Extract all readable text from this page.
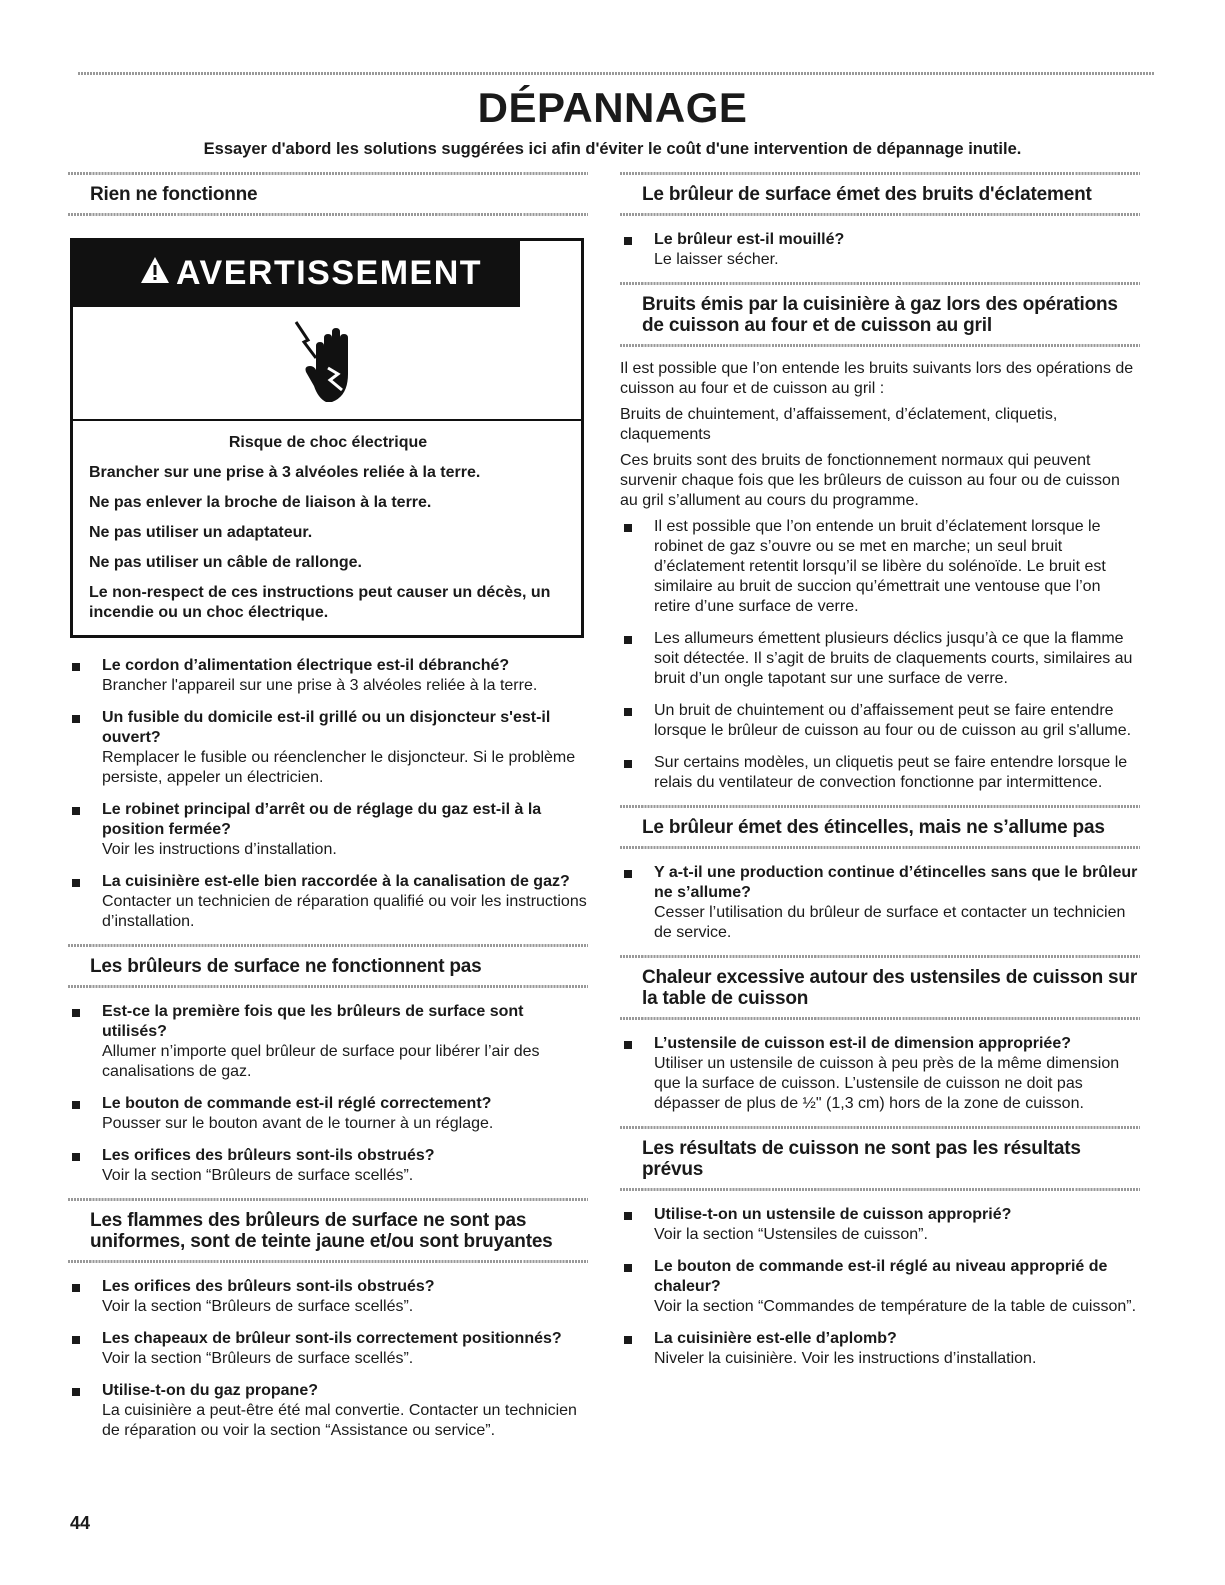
DÉPANNAGE
Essayer d'abord les solutions suggérées ici afin d'éviter le coût d'une intervention de dépannage inutile.
Rien ne fonctionne
AVERTISSEMENT
Risque de choc électrique

Brancher sur une prise à 3 alvéoles reliée à la terre.

Ne pas enlever la broche de liaison à la terre.

Ne pas utiliser un adaptateur.

Ne pas utiliser un câble de rallonge.

Le non-respect de ces instructions peut causer un décès, un incendie ou un choc électrique.

Le cordon d’alimentation électrique est-il débranché?
Brancher l'appareil sur une prise à 3 alvéoles reliée à la terre.
Un fusible du domicile est-il grillé ou un disjoncteur s'est-il ouvert?
Remplacer le fusible ou réenclencher le disjoncteur. Si le problème persiste, appeler un électricien.
Le robinet principal d’arrêt ou de réglage du gaz est-il à la position fermée?
Voir les instructions d’installation.
La cuisinière est-elle bien raccordée à la canalisation de gaz?
Contacter un technicien de réparation qualifié ou voir les instructions d’installation.
Les brûleurs de surface ne fonctionnent pas
Est-ce la première fois que les brûleurs de surface sont utilisés?
Allumer n’importe quel brûleur de surface pour libérer l’air des canalisations de gaz.
Le bouton de commande est-il réglé correctement?
Pousser sur le bouton avant de le tourner à un réglage.
Les orifices des brûleurs sont-ils obstrués?
Voir la section “Brûleurs de surface scellés”.
Les flammes des brûleurs de surface ne sont pas uniformes, sont de teinte jaune et/ou sont bruyantes
Les orifices des brûleurs sont-ils obstrués?
Voir la section “Brûleurs de surface scellés”.
Les chapeaux de brûleur sont-ils correctement positionnés?
Voir la section “Brûleurs de surface scellés”.
Utilise-t-on du gaz propane?
La cuisinière a peut-être été mal convertie. Contacter un technicien de réparation ou voir la section “Assistance ou service”.
Le brûleur de surface émet des bruits d'éclatement
Le brûleur est-il mouillé?
Le laisser sécher.
Bruits émis par la cuisinière à gaz lors des opérations de cuisson au four et de cuisson au gril

Il est possible que l’on entende les bruits suivants lors des opérations de cuisson au four et de cuisson au gril :

Bruits de chuintement, d’affaissement, d’éclatement, cliquetis, claquements

Ces bruits sont des bruits de fonctionnement normaux qui peuvent survenir chaque fois que les brûleurs de cuisson au four ou de cuisson au gril s’allument au cours du programme.

Il est possible que l’on entende un bruit d’éclatement lorsque le robinet de gaz s’ouvre ou se met en marche; un seul bruit d’éclatement retentit lorsqu’il se libère du solénoïde. Le bruit est similaire au bruit de succion qu’émettrait une ventouse que l’on retire d’une surface de verre.
Les allumeurs émettent plusieurs déclics jusqu’à ce que la flamme soit détectée. Il s’agit de bruits de claquements courts, similaires au bruit d’un ongle tapotant sur une surface de verre.
Un bruit de chuintement ou d’affaissement peut se faire entendre lorsque le brûleur de cuisson au four ou de cuisson au gril s'allume.
Sur certains modèles, un cliquetis peut se faire entendre lorsque le relais du ventilateur de convection fonctionne par intermittence.
Le brûleur émet des étincelles, mais ne s’allume pas
Y a-t-il une production continue d’étincelles sans que le brûleur ne s’allume?
Cesser l’utilisation du brûleur de surface et contacter un technicien de service.
Chaleur excessive autour des ustensiles de cuisson sur la table de cuisson
L’ustensile de cuisson est-il de dimension appropriée?
Utiliser un ustensile de cuisson à peu près de la même dimension que la surface de cuisson. L’ustensile de cuisson ne doit pas dépasser de plus de ½" (1,3 cm) hors de la zone de cuisson.
Les résultats de cuisson ne sont pas les résultats prévus
Utilise-t-on un ustensile de cuisson approprié?
Voir la section “Ustensiles de cuisson”.
Le bouton de commande est-il réglé au niveau approprié de chaleur?
Voir la section “Commandes de température de la table de cuisson”.
La cuisinière est-elle d’aplomb?
Niveler la cuisinière. Voir les instructions d’installation.
44
